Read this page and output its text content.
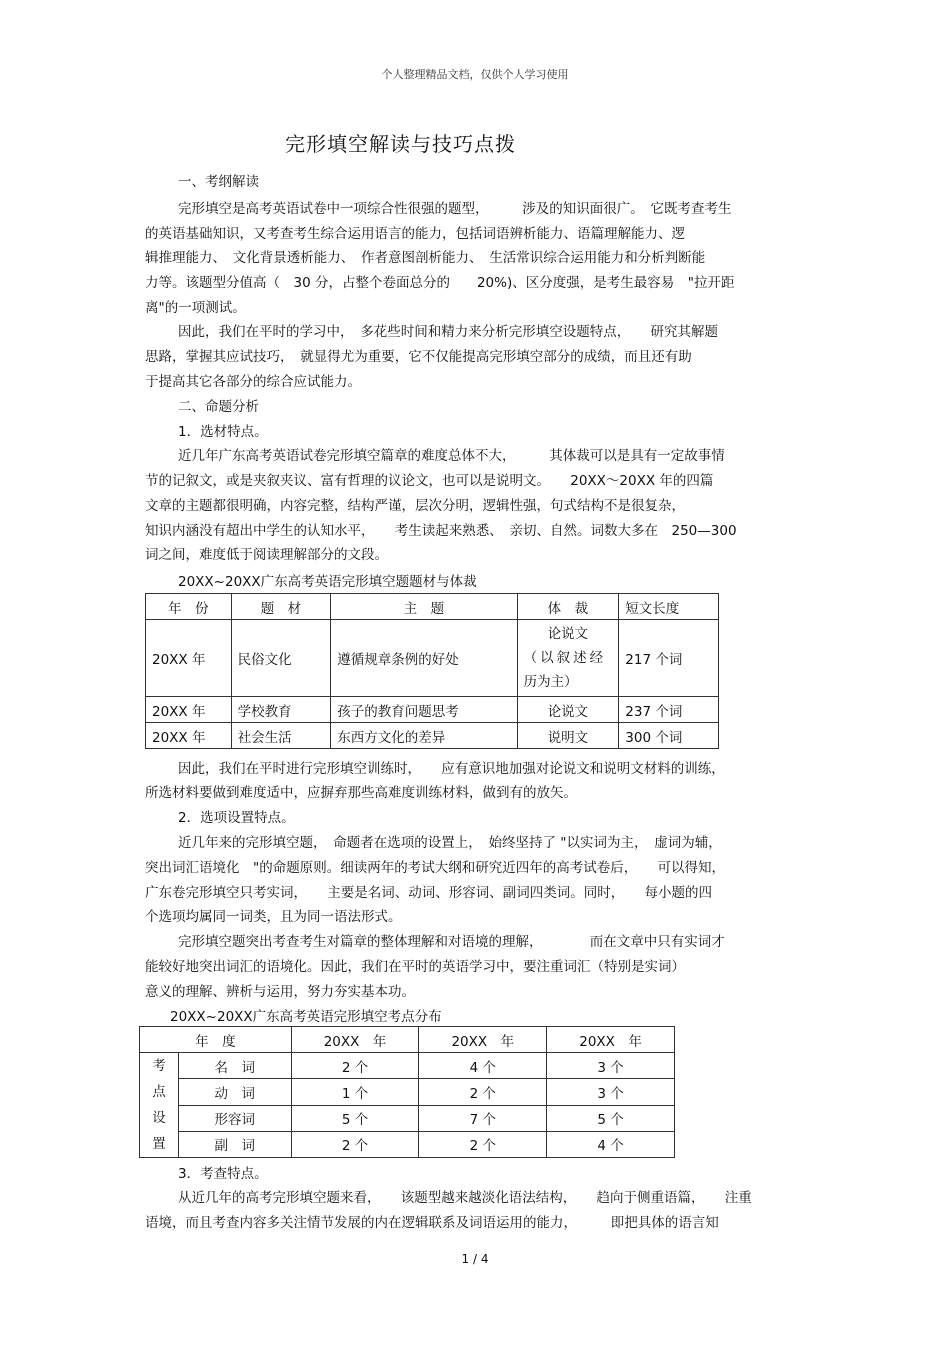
个人整理精品文档，仅供个人学习使用
完形填空解读与技巧点拨
一、考纲解读
完形填空是高考英语试卷中一项综合性很强的题型，　　　涉及的知识面很广。　它既考查考生
的英语基础知识，又考查考生综合运用语言的能力，包括词语辨析能力、语篇理解能力、逻
辑推理能力、　文化背景透析能力、　作者意图剖析能力、　生活常识综合运用能力和分析判断能
力等。该题型分值高（　30 分，占整个卷面总分的　　20%)、区分度强，是考生最容易　"拉开距
离"的一项测试。
因此，我们在平时的学习中，　多花些时间和精力来分析完形填空设题特点，　　研究其解题
思路，掌握其应试技巧，　就显得尤为重要，它不仅能提高完形填空部分的成绩，而且还有助
于提高其它各部分的综合应试能力。
二、命题分析
1．选材特点。
近几年广东高考英语试卷完形填空篇章的难度总体不大，　　　其体裁可以是具有一定故事情
节的记叙文，或是夹叙夹议、富有哲理的议论文，也可以是说明文。　　20XX～20XX 年的四篇
文章的主题都很明确，内容完整，结构严谨，层次分明，逻辑性强，句式结构不是很复杂，
知识内涵没有超出中学生的认知水平，　　考生读起来熟悉、　亲切、自然。词数大多在　250—300
词之间，难度低于阅读理解部分的文段。
20XX~20XX广东高考英语完形填空题题材与体裁
年　份	题　材	主　题	体　裁	短文长度
20XX 年	民俗文化	遵循规章条例的好处	论说文
（以叙述经
历为主）	217 个词
20XX 年	学校教育	孩子的教育问题思考	论说文	237 个词
20XX 年	社会生活	东西方文化的差异	说明文	300 个词
因此，我们在平时进行完形填空训练时，　　应有意识地加强对论说文和说明文材料的训练，
所选材料要做到难度适中，应摒弃那些高难度训练材料，做到有的放矢。
2．选项设置特点。
近几年来的完形填空题，　命题者在选项的设置上，　始终坚持了 "以实词为主，　虚词为辅，
突出词汇语境化　"的命题原则。细读两年的考试大纲和研究近四年的高考试卷后，　　可以得知，
广东卷完形填空只考实词，　　主要是名词、动词、形容词、副词四类词。同时，　　每小题的四
个选项均属同一词类，且为同一语法形式。
完形填空题突出考查考生对篇章的整体理解和对语境的理解，　　　　而在文章中只有实词才
能较好地突出词汇的语境化。因此，我们在平时的英语学习中，要注重词汇（特别是实词）
意义的理解、辨析与运用，努力夯实基本功。
20XX~20XX广东高考英语完形填空考点分布
年　度		20XX　年	20XX　年	20XX　年

考
点
设
置	名　词	2 个	4 个	3 个
	动　词	1 个	2 个	3 个
	形容词	5 个	7 个	5 个
	副　词	2 个	2 个	4 个
3．考查特点。
从近几年的高考完形填空题来看，　　该题型越来越淡化语法结构，　　趋向于侧重语篇，　　注重
语境，而且考查内容多关注情节发展的内在逻辑联系及词语运用的能力，　　　即把具体的语言知
1 / 4
